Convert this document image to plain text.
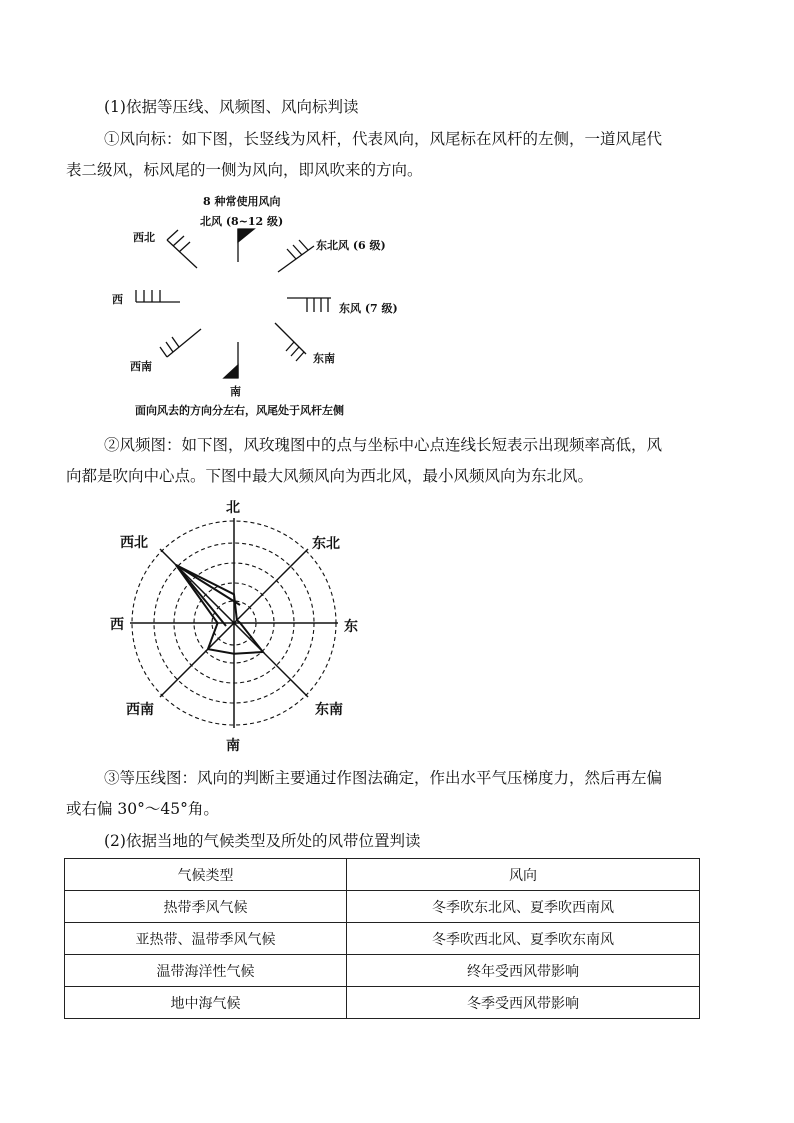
(1)依据等压线、风频图、风向标判读
①风向标：如下图，长竖线为风杆，代表风向，风尾标在风杆的左侧，一道风尾代
表二级风，标风尾的一侧为风向，即风吹来的方向。
8 种常使用风向
北风 (8~12 级)
西北
东北风 (6 级)
西
东风 (7 级)
西南
东南
南
面向风去的方向分左右，风尾处于风杆左侧
②风频图：如下图，风玫瑰图中的点与坐标中心点连线长短表示出现频率高低，风
向都是吹向中心点。下图中最大风频风向为西北风，最小风频风向为东北风。
北
东北
东
东南
南
西南
西
西北
③等压线图：风向的判断主要通过作图法确定，作出水平气压梯度力，然后再左偏
或右偏 30°～45°角。
(2)依据当地的气候类型及所处的风带位置判读
气候类型	风向
热带季风气候	冬季吹东北风、夏季吹西南风
亚热带、温带季风气候	冬季吹西北风、夏季吹东南风
温带海洋性气候	终年受西风带影响
地中海气候	冬季受西风带影响
